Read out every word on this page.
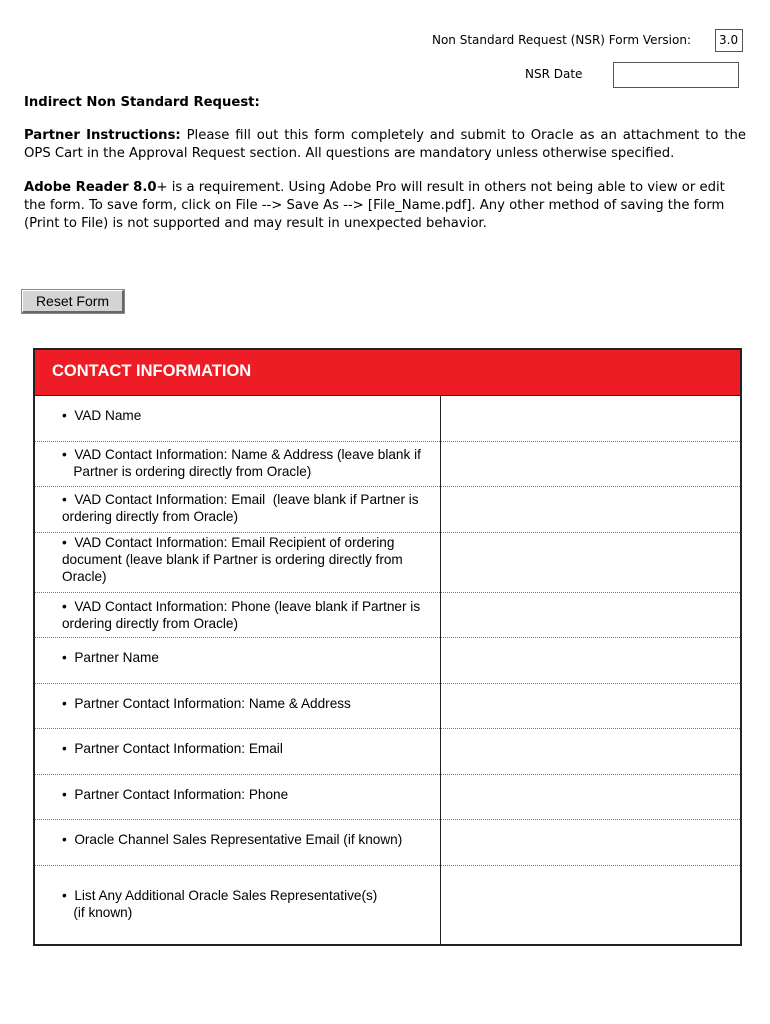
Non Standard Request (NSR) Form Version:	3.0
NSR Date
Indirect Non Standard Request:
Partner Instructions: Please fill out this form completely and submit to Oracle as an attachment to the OPS Cart in the Approval Request section. All questions are mandatory unless otherwise specified.
Adobe Reader 8.0+ is a requirement. Using Adobe Pro will result in others not being able to view or edit the form. To save form, click on File --> Save As --> [File_Name.pdf]. Any other method of saving the form (Print to File) is not supported and may result in unexpected behavior.
Reset Form
CONTACT INFORMATION
•  VAD Name
•  VAD Contact Information: Name & Address (leave blank if
Partner is ordering directly from Oracle)
•  VAD Contact Information: Email  (leave blank if Partner is ordering directly from Oracle)
•  VAD Contact Information: Email Recipient of ordering document (leave blank if Partner is ordering directly from Oracle)
•  VAD Contact Information: Phone (leave blank if Partner is ordering directly from Oracle)
•  Partner Name
•  Partner Contact Information: Name & Address
•  Partner Contact Information: Email
•  Partner Contact Information: Phone
•  Oracle Channel Sales Representative Email (if known)
•  List Any Additional Oracle Sales Representative(s)
(if known)
